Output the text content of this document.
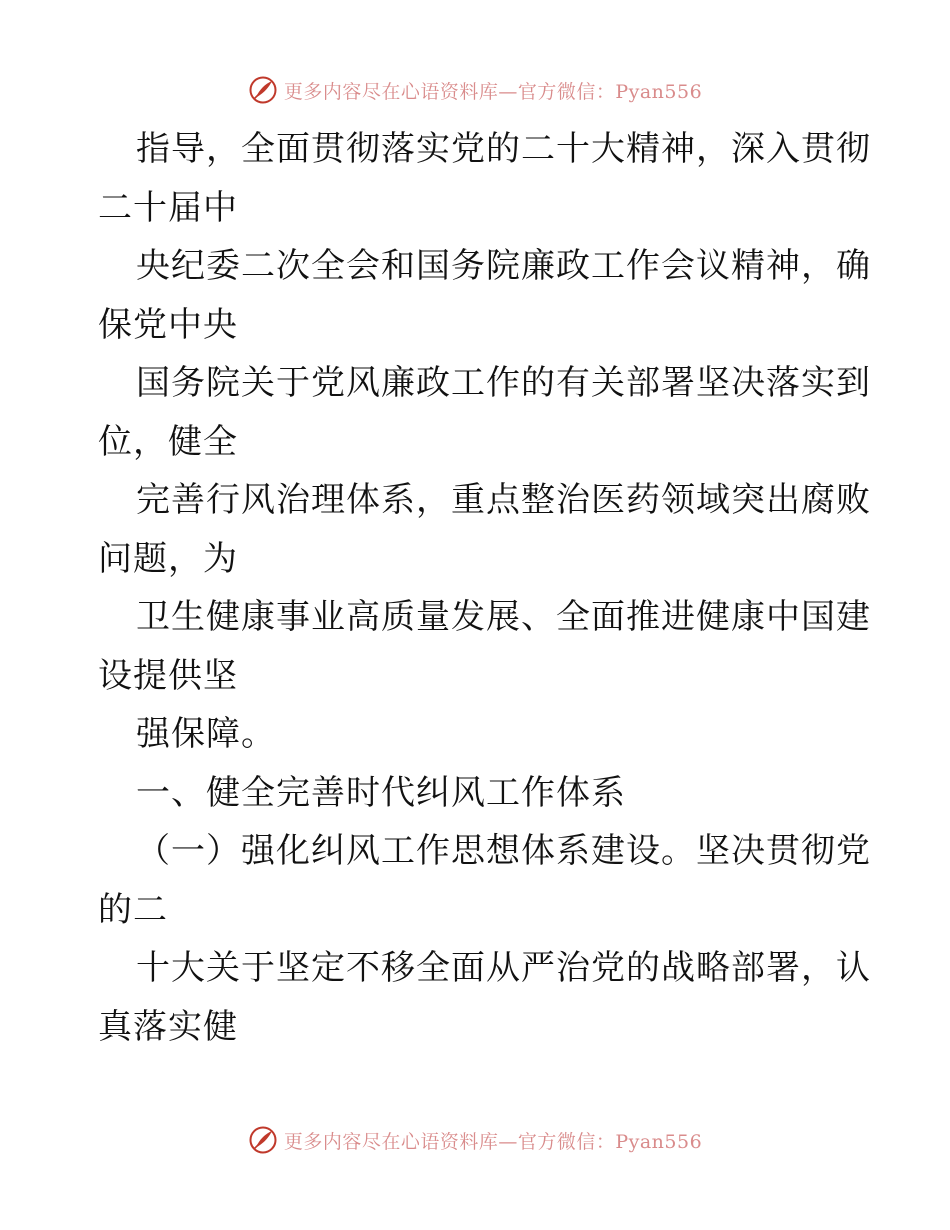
更多内容尽在心语资料库—官方微信：Pyan556
指导，全面贯彻落实党的二十大精神，深入贯彻
二十届中
央纪委二次全会和国务院廉政工作会议精神，确
保党中央
国务院关于党风廉政工作的有关部署坚决落实到
位，健全
完善行风治理体系，重点整治医药领域突出腐败
问题，为
卫生健康事业高质量发展、全面推进健康中国建
设提供坚
强保障。
一、健全完善时代纠风工作体系
（一）强化纠风工作思想体系建设。坚决贯彻党
的二
十大关于坚定不移全面从严治党的战略部署，认
真落实健
更多内容尽在心语资料库—官方微信：Pyan556
